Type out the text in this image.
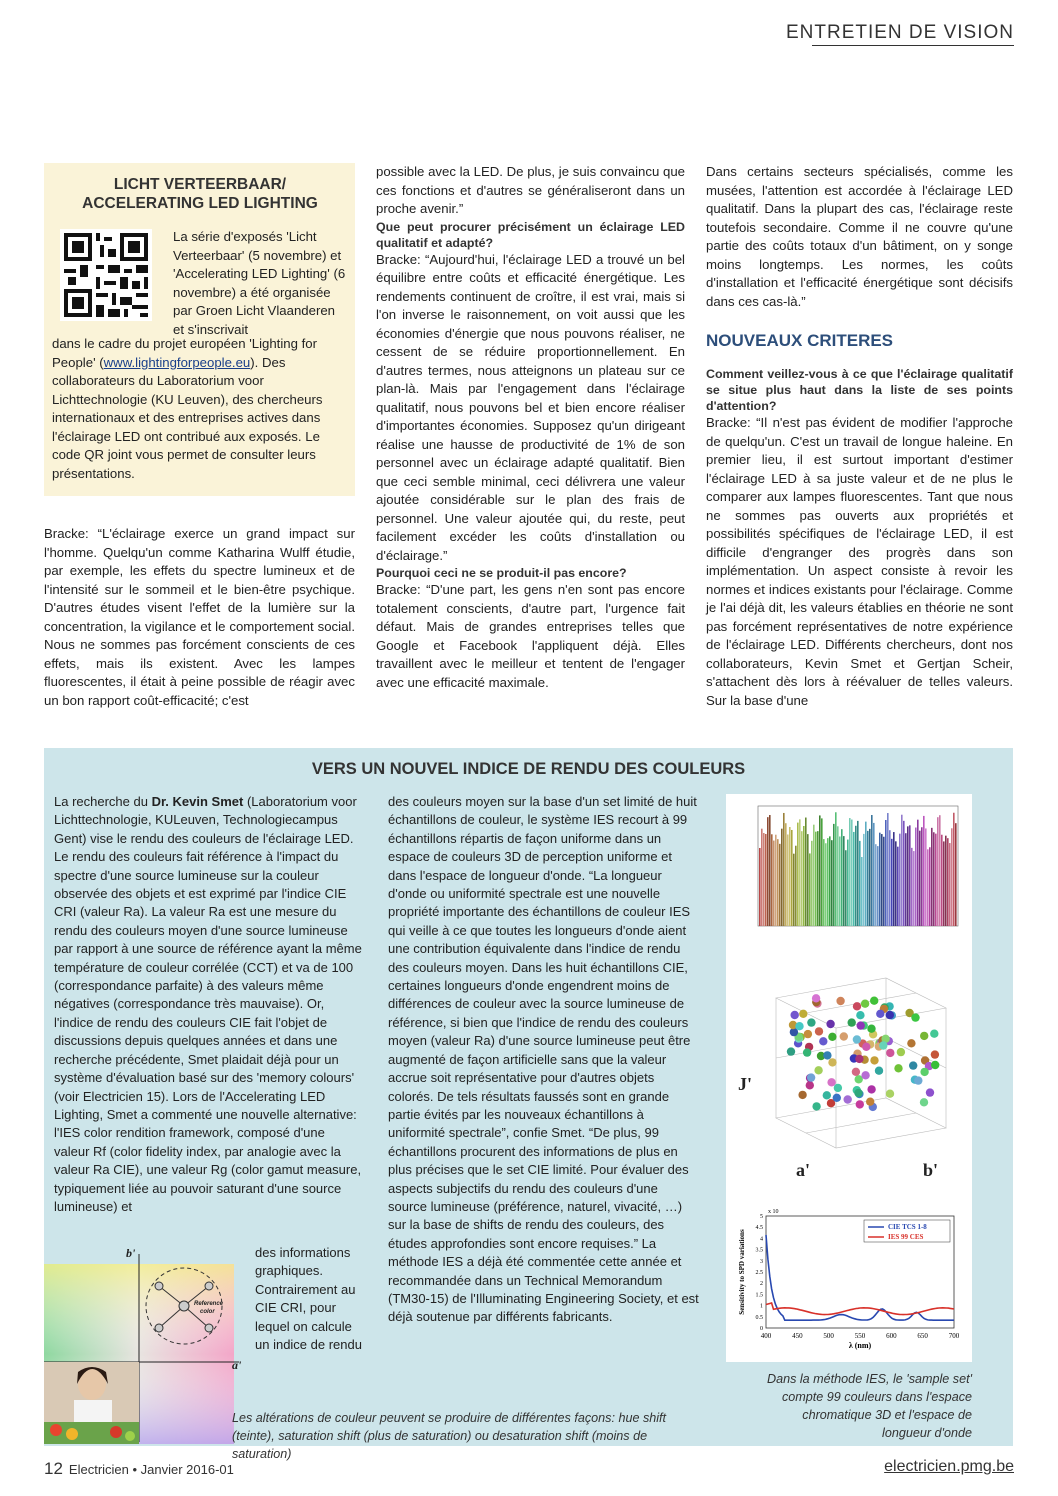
ENTRETIEN DE VISION
LICHT VERTEERBAAR/
ACCELERATING LED LIGHTING
La série d'exposés 'Licht Verteerbaar' (5 novembre) et 'Accelerating LED Lighting' (6 novembre) a été organisée par Groen Licht Vlaanderen et s'inscrivait
dans le cadre du projet européen 'Lighting for People' (www.lightingforpeople.eu). Des collaborateurs du Laboratorium voor Lichttechnologie (KU Leuven), des chercheurs internationaux et des entreprises actives dans l'éclairage LED ont contribué aux exposés. Le code QR joint vous permet de consulter leurs présentations.

Bracke: “L'éclairage exerce un grand impact sur l'homme. Quelqu'un comme Katharina Wulff étudie, par exemple, les effets du spectre lumineux et de l'intensité sur le sommeil et le bien-être psychique. D'autres études visent l'effet de la lumière sur la concentration, la vigilance et le comportement social. Nous ne sommes pas forcément conscients de ces effets, mais ils existent. Avec les lampes fluorescentes, il était à peine possible de réagir avec un bon rapport coût-efficacité; c'est

possible avec la LED. De plus, je suis convaincu que ces fonctions et d'autres se généraliseront dans un proche avenir.”

Que peut procurer précisément un éclairage LED qualitatif et adapté?

Bracke: “Aujourd'hui, l'éclairage LED a trouvé un bel équilibre entre coûts et efficacité énergétique. Les rendements continuent de croître, il est vrai, mais si l'on inverse le raisonnement, on voit aussi que les économies d'énergie que nous pouvons réaliser, ne cessent de se réduire proportionnellement. En d'autres termes, nous atteignons un plateau sur ce plan-là. Mais par l'engagement dans l'éclairage qualitatif, nous pouvons bel et bien encore réaliser d'importantes économies. Supposez qu'un dirigeant réalise une hausse de productivité de 1% de son personnel avec un éclairage adapté qualitatif. Bien que ceci semble minimal, ceci délivrera une valeur ajoutée considérable sur le plan des frais de personnel. Une valeur ajoutée qui, du reste, peut facilement excéder les coûts d'installation ou d'éclairage.”

Pourquoi ceci ne se produit-il pas encore?

Bracke: “D'une part, les gens n'en sont pas encore totalement conscients, d'autre part, l'urgence fait défaut. Mais de grandes entreprises telles que Google et Facebook l'appliquent déjà. Elles travaillent avec le meilleur et tentent de l'engager avec une efficacité maximale.

Dans certains secteurs spécialisés, comme les musées, l'attention est accordée à l'éclairage LED qualitatif. Dans la plupart des cas, l'éclairage reste toutefois secondaire. Comme il ne couvre qu'une partie des coûts totaux d'un bâtiment, on y songe moins longtemps. Les normes, les coûts d'installation et l'efficacité énergétique sont décisifs dans ces cas-là.”

NOUVEAUX CRITERES

Comment veillez-vous à ce que l'éclairage qualitatif se situe plus haut dans la liste de ses points d'attention?

Bracke: “Il n'est pas évident de modifier l'approche de quelqu'un. C'est un travail de longue haleine. En premier lieu, il est surtout important d'estimer l'éclairage LED à sa juste valeur et de ne plus le comparer aux lampes fluorescentes. Tant que nous ne sommes pas ouverts aux propriétés et possibilités spécifiques de l'éclairage LED, il est difficile d'engranger des progrès dans son implémentation. Un aspect consiste à revoir les normes et indices existants pour l'éclairage. Comme je l'ai déjà dit, les valeurs établies en théorie ne sont pas forcément représentatives de notre expérience de l'éclairage LED. Différents chercheurs, dont nos collaborateurs, Kevin Smet et Gertjan Scheir, s'attachent dès lors à réévaluer de telles valeurs. Sur la base d'une

VERS UN NOUVEL INDICE DE RENDU DES COULEURS
La recherche du Dr. Kevin Smet (Laboratorium voor Lichttechnologie, KULeuven, Technologiecampus Gent) vise le rendu des couleurs de l'éclairage LED. Le rendu des couleurs fait référence à l'impact du spectre d'une source lumineuse sur la couleur observée des objets et est exprimé par l'indice CIE CRI (valeur Ra). La valeur Ra est une mesure du rendu des couleurs moyen d'une source lumineuse par rapport à une source de référence ayant la même température de couleur corrélée (CCT) et va de 100 (correspondance parfaite) à des valeurs même négatives (correspondance très mauvaise). Or, l'indice de rendu des couleurs CIE fait l'objet de discussions depuis quelques années et dans une recherche précédente, Smet plaidait déjà pour un système d'évaluation basé sur des 'memory colours' (voir Electricien 15). Lors de l'Accelerating LED Lighting, Smet a commenté une nouvelle alternative: l'IES color rendition framework, composé d'une valeur Rf (color fidelity index, par analogie avec la valeur Ra CIE), une valeur Rg (color gamut measure, typiquement liée au pouvoir saturant d'une source lumineuse) et
des informations graphiques. Contrairement au CIE CRI, pour lequel on calcule un indice de rendu
des couleurs moyen sur la base d'un set limité de huit échantillons de couleur, le système IES recourt à 99 échantillons répartis de façon uniforme dans un espace de couleurs 3D de perception uniforme et dans l'espace de longueur d'onde. “La longueur d'onde ou uniformité spectrale est une nouvelle propriété importante des échantillons de couleur IES qui veille à ce que toutes les longueurs d'onde aient une contribution équivalente dans l'indice de rendu des couleurs moyen. Dans les huit échantillons CIE, certaines longueurs d'onde engendrent moins de différences de couleur avec la source lumineuse de référence, si bien que l'indice de rendu des couleurs moyen (valeur Ra) d'une source lumineuse peut être augmenté de façon artificielle sans que la valeur accrue soit représentative pour d'autres objets colorés. De tels résultats faussés sont en grande partie évités par les nouveaux échantillons à uniformité spectrale”, confie Smet. “De plus, 99 échantillons procurent des informations de plus en plus précises que le set CIE limité. Pour évaluer des aspects subjectifs du rendu des couleurs d'une source lumineuse (préférence, naturel, vivacité, …) sur la base de shifts de rendu des couleurs, des études approfondies sont encore requises.” La méthode IES a déjà été commentée cette année et recommandée dans un Technical Memorandum (TM30-15) de l'Illuminating Engineering Society, et est déjà soutenue par différents fabricants.
b'
a'
Reference
color
J'
a'	b'
400	450	500	550	600	650	700
5
4.5
4
3.5
3
2.5
2
1.5
1
0.5
0
x 10
λ (nm)
Sensitivity to SPD variations
CIE TCS 1-8
IES 99 CES
Dans la méthode IES, le 'sample set' compte 99 couleurs dans l'espace chromatique 3D et l'espace de longueur d'onde
Les altérations de couleur peuvent se produire de différentes façons: hue shift (teinte), saturation shift (plus de saturation) ou desaturation shift (moins de saturation)
12 Electricien • Janvier 2016-01	electricien.pmg.be
